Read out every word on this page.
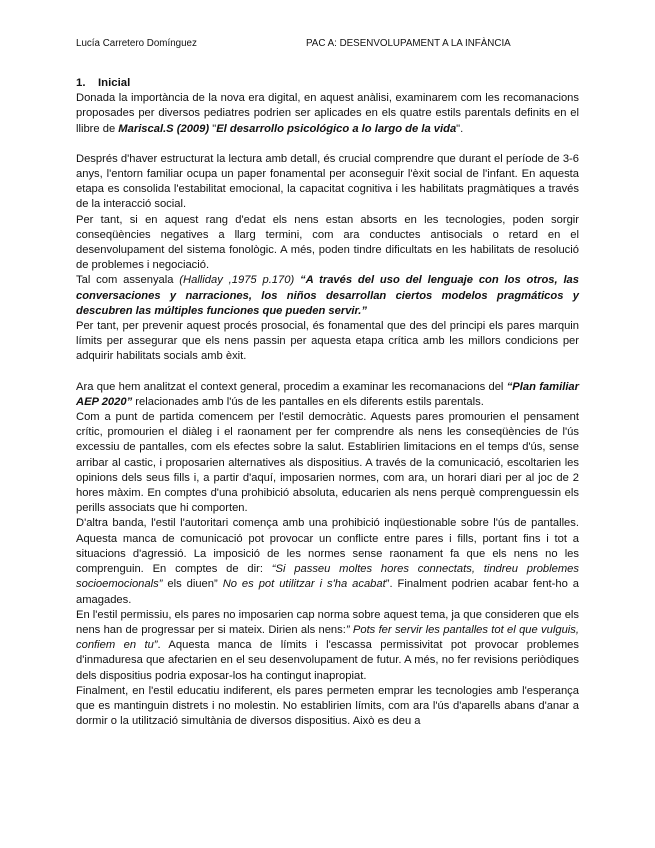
Lucía Carretero Domínguez	PAC A: DESENVOLUPAMENT A LA INFÀNCIA

1. Inicial

Donada la importància de la nova era digital, en aquest anàlisi, examinarem com les recomanacions proposades per diversos pediatres podrien ser aplicades en els quatre estils parentals definits en el llibre de Mariscal.S (2009) "El desarrollo psicológico a lo largo de la vida".

Després d'haver estructurat la lectura amb detall, és crucial comprendre que durant el període de 3-6 anys, l'entorn familiar ocupa un paper fonamental per aconseguir l'èxit social de l'infant. En aquesta etapa es consolida l'estabilitat emocional, la capacitat cognitiva i les habilitats pragmàtiques a través de la interacció social.

Per tant, si en aquest rang d'edat els nens estan absorts en les tecnologies, poden sorgir conseqüències negatives a llarg termini, com ara conductes antisocials o retard en el desenvolupament del sistema fonològic. A més, poden tindre dificultats en les habilitats de resolució de problemes i negociació.

Tal com assenyala (Halliday ,1975 p.170) “A través del uso del lenguaje con los otros, las conversaciones y narraciones, los niños desarrollan ciertos modelos pragmáticos y descubren las múltiples funciones que pueden servir.”

Per tant, per prevenir aquest procés prosocial, és fonamental que des del principi els pares marquin límits per assegurar que els nens passin per aquesta etapa crítica amb les millors condicions per adquirir habilitats socials amb èxit.

Ara que hem analitzat el context general, procedim a examinar les recomanacions del “Plan familiar AEP 2020” relacionades amb l'ús de les pantalles en els diferents estils parentals.

Com a punt de partida comencem per l'estil democràtic. Aquests pares promourien el pensament crític, promourien el diàleg i el raonament per fer comprendre als nens les conseqüències de l'ús excessiu de pantalles, com els efectes sobre la salut. Establirien limitacions en el temps d'ús, sense arribar al castic, i proposarien alternatives als dispositius. A través de la comunicació, escoltarien les opinions dels seus fills i, a partir d'aquí, imposarien normes, com ara, un horari diari per al joc de 2 hores màxim. En comptes d'una prohibició absoluta, educarien als nens perquè comprenguessin els perills associats que hi comporten.

D'altra banda, l'estil l'autoritari comença amb una prohibició inqüestionable sobre l'ús de pantalles. Aquesta manca de comunicació pot provocar un conflicte entre pares i fills, portant fins i tot a situacions d'agressió. La imposició de les normes sense raonament fa que els nens no les comprenguin. En comptes de dir: “Si passeu moltes hores connectats, tindreu problemes socioemocionals” els diuen” No es pot utilitzar i s'ha acabat”. Finalment podrien acabar fent-ho a amagades.

En l'estil permissiu, els pares no imposarien cap norma sobre aquest tema, ja que consideren que els nens han de progressar per si mateix. Dirien als nens:” Pots fer servir les pantalles tot el que vulguis, confiem en tu”. Aquesta manca de límits i l'escassa permissivitat pot provocar problemes d'inmaduresa que afectarien en el seu desenvolupament de futur. A més, no fer revisions periòdiques dels dispositius podria exposar-los ha contingut inapropiat.

Finalment, en l'estil educatiu indiferent, els pares permeten emprar les tecnologies amb l'esperança que es mantinguin distrets i no molestin. No establirien límits, com ara l'ús d'aparells abans d'anar a dormir o la utilització simultània de diversos dispositius. Això es deu a
